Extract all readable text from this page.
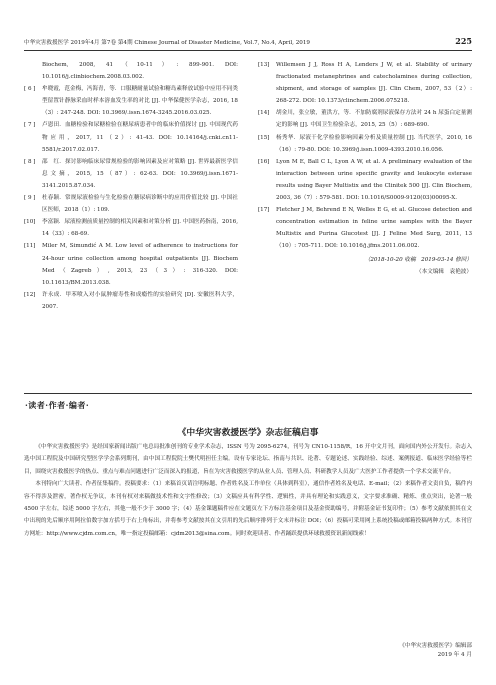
中华灾害救援医学 2019年4月 第7卷 第4期 Chinese Journal of Disaster Medicine, Vol.7, No.4, April, 2019	225
Biochem, 2008, 41（10-11）: 899-901. DOI: 10.1016/j.clinbiochem.2008.03.002.
[ 6 ] 牟晓霞，范金梅，冯海青，等．口服糖耐量试验和糖岛素释放试验中应用不同类型留置针静脉采血时样本溶血发生率的对比 [J]. 中华保健医学杂志，2016, 18（3）: 247-248. DOI: 10.3969/.issn.1674-3245.2016.03.025.
[ 7 ] 卢恩田．血糖检验和尿糖检验在糖尿病患者中的临床价值探讨 [J]. 中国现代药物应用，2017, 11（2）: 41-43. DOI: 10.14164/j.cnki.cn11-5581/r.2017.02.017.
[ 8 ] 邵　红．探讨影响临床尿常规检验的影响因素及应对策略 [J]. 世界最新医学信息文摘，2015, 15（87）: 62-63. DOI: 10.3969/j.issn.1671-3141.2015.87.034.
[ 9 ] 杜春颖．常规尿液检验与生化检验在糖尿病诊断中的应用价值比较 [J]. 中国社区医师，2018（1）: 109.
[10] 李富颖．尿液检测前质量控制的相关因素和对策分析 [J]. 中国医药指南，2016, 14（33）: 68-69.
[11] Miler M, Simundić A M. Low level of adherence to instructions for 24-hour urine collection among hospital outpatients [J]. Biochem Med（Zagreb）, 2013, 23（3）: 316-320. DOI: 10.11613/BM.2013.038.
[12] 许永成．甲苯喷入对小鼠肿瘤寿性和成瘾性的实验研究 [D]. 安徽医科大学，2007.
[13] Willemsen J J, Ross H A, Lenders J W, et al. Stability of urinary fractionated metanephrines and catecholamines during collection, shipment, and storage of samples [J]. Clin Chem, 2007, 53（2）: 268-272. DOI: 10.1373/clinchem.2006.075218.
[14] 胡金川，张立敏，董洪方，等．不加防腐剂尿液保存方法对 24 h 尿蛋白定量测定的影响 [J]. 中国卫生检验杂志，2015, 25（5）: 689-690.
[15] 杨秀华．尿液干化学检验影响因素分析及质量控制 [J]. 当代医学，2010, 16（16）: 79-80. DOI: 10.3969/j.issn.1009-4393.2010.16.056.
[16] Lyon M E, Ball C L, Lyon A W, et al. A preliminary evaluation of the interaction between urine specific gravity and leukocyte esterase results using Bayer Multistix and the Clinitek 500 [J]. Clin Biochem, 2003, 36（7）: 579-581. DOI: 10.1016/S0009-9120(03)00095-X.
[17] Fletcher J M, Behrend E N, Welles E G, et al. Glucose detection and concentration estimation in feline urine samples with the Bayer Multistix and Purina Glucotest [J]. J Feline Med Surg, 2011, 13（10）: 705-711. DOI: 10.1016/j.jfms.2011.06.002.
（2018-10-20 收稿　2019-03-14 修回）
（本文编辑　袁艳波）
·读者·作者·编者·
《中华灾害救援医学》杂志征稿启事

《中华灾害救援医学》是经国家新闻出版广电总局批准创刊的专业学术杂志，ISSN 号为 2095-6274，刊号为 CN10-1158/R，16 开中文月刊，面向国内外公开发行。杂志入选中国工程院及中国研究型医学学会系列期刊，由中国工程院院士樊代明担任主编。设有专家论坛、指南与共识、论著、专题论述、实践经验、综述、案例报道、临床医学经验等栏目，围绕灾害救援医学的热点、重点与难点问题进行广泛而深入的报道，旨在为灾害救援医学的从业人员、管理人员、科研教学人员及广大医护工作者提供一个学术交流平台。

本刊特向广大读者、作者征集稿件。投稿要求：（1）来稿首页请注明标题、作者姓名及工作单位（具体到科室），通信作者姓名及电话、E-mail；（2）来稿作者文责自负，稿件内容不得涉及泄密，著作权无争议，本刊有权对来稿做技术性和文字性修改；（3）文稿应具有科学性、逻辑性，并具有理论和实践意义，文字要求准确、精炼、重点突出，论著一般 4500 字左右，综述 5000 字左右，其他一般不少于 3000 字；（4）基金课题稿件应在文题页左下方标注基金项目及基金资助编号，并附基金证书复印件；（5）参考文献依照其在文中出现的先后顺序用阿拉伯数字加方括号于右上角标出，并将参考文献按其在文引用的先后顺序排列于文末并标注 DOI；（6）投稿可采用网上系统投稿或邮箱投稿两种方式。本刊官方网址：http://www.cjdm.com.cn，唯一指定投稿邮箱：cjdm2013@sina.com。同时欢迎读者、作者踊跃提供环球救援资讯新闻线索！

《中华灾害救援医学》编辑部
2019 年 4 月
